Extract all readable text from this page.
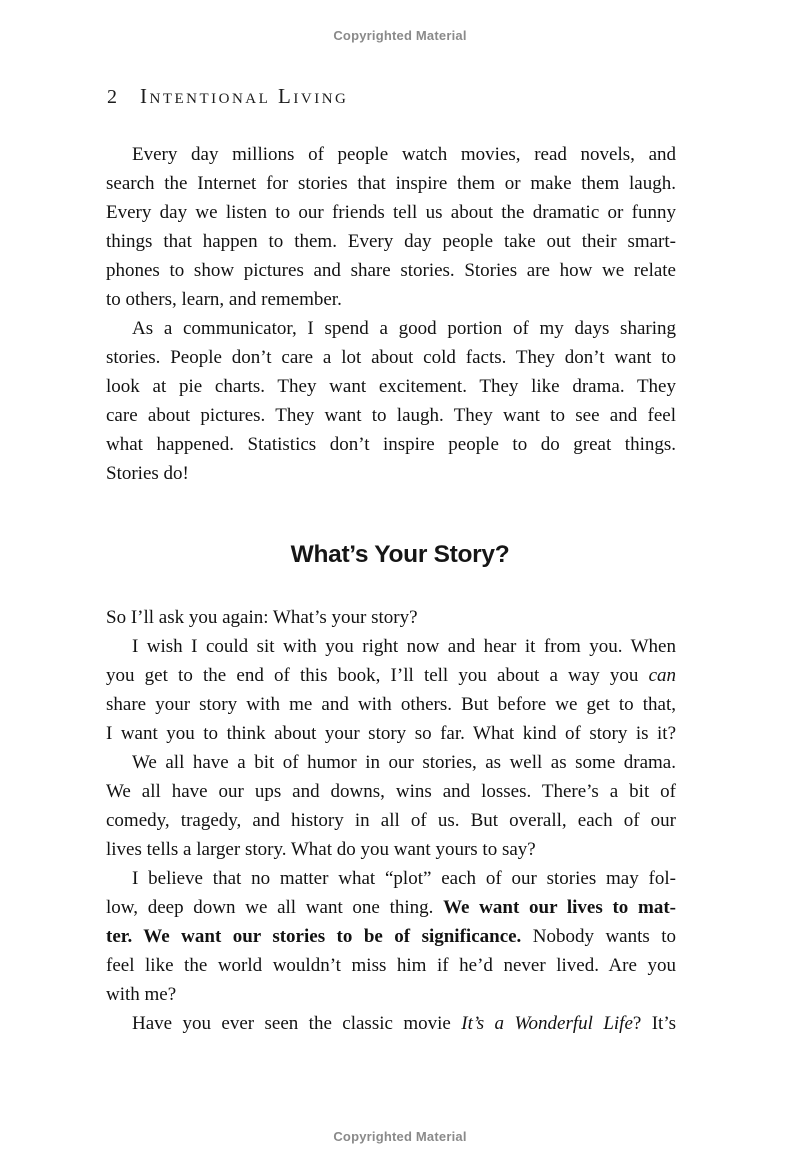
Copyrighted Material
2 Intentional Living
Every day millions of people watch movies, read novels, and
search the Internet for stories that inspire them or make them laugh.
Every day we listen to our friends tell us about the dramatic or funny
things that happen to them. Every day people take out their smart-
phones to show pictures and share stories. Stories are how we relate
to others, learn, and remember.
As a communicator, I spend a good portion of my days sharing
stories. People don’t care a lot about cold facts. They don’t want to
look at pie charts. They want excitement. They like drama. They
care about pictures. They want to laugh. They want to see and feel
what happened. Statistics don’t inspire people to do great things.
Stories do!
What’s Your Story?
So I’ll ask you again: What’s your story?
I wish I could sit with you right now and hear it from you. When
you get to the end of this book, I’ll tell you about a way you can
share your story with me and with others. But before we get to that,
I want you to think about your story so far. What kind of story is it?
We all have a bit of humor in our stories, as well as some drama.
We all have our ups and downs, wins and losses. There’s a bit of
comedy, tragedy, and history in all of us. But overall, each of our
lives tells a larger story. What do you want yours to say?
I believe that no matter what “plot” each of our stories may fol-
low, deep down we all want one thing. We want our lives to mat-
ter. We want our stories to be of significance. Nobody wants to
feel like the world wouldn’t miss him if he’d never lived. Are you
with me?
Have you ever seen the classic movie It’s a Wonderful Life? It’s
Copyrighted Material
